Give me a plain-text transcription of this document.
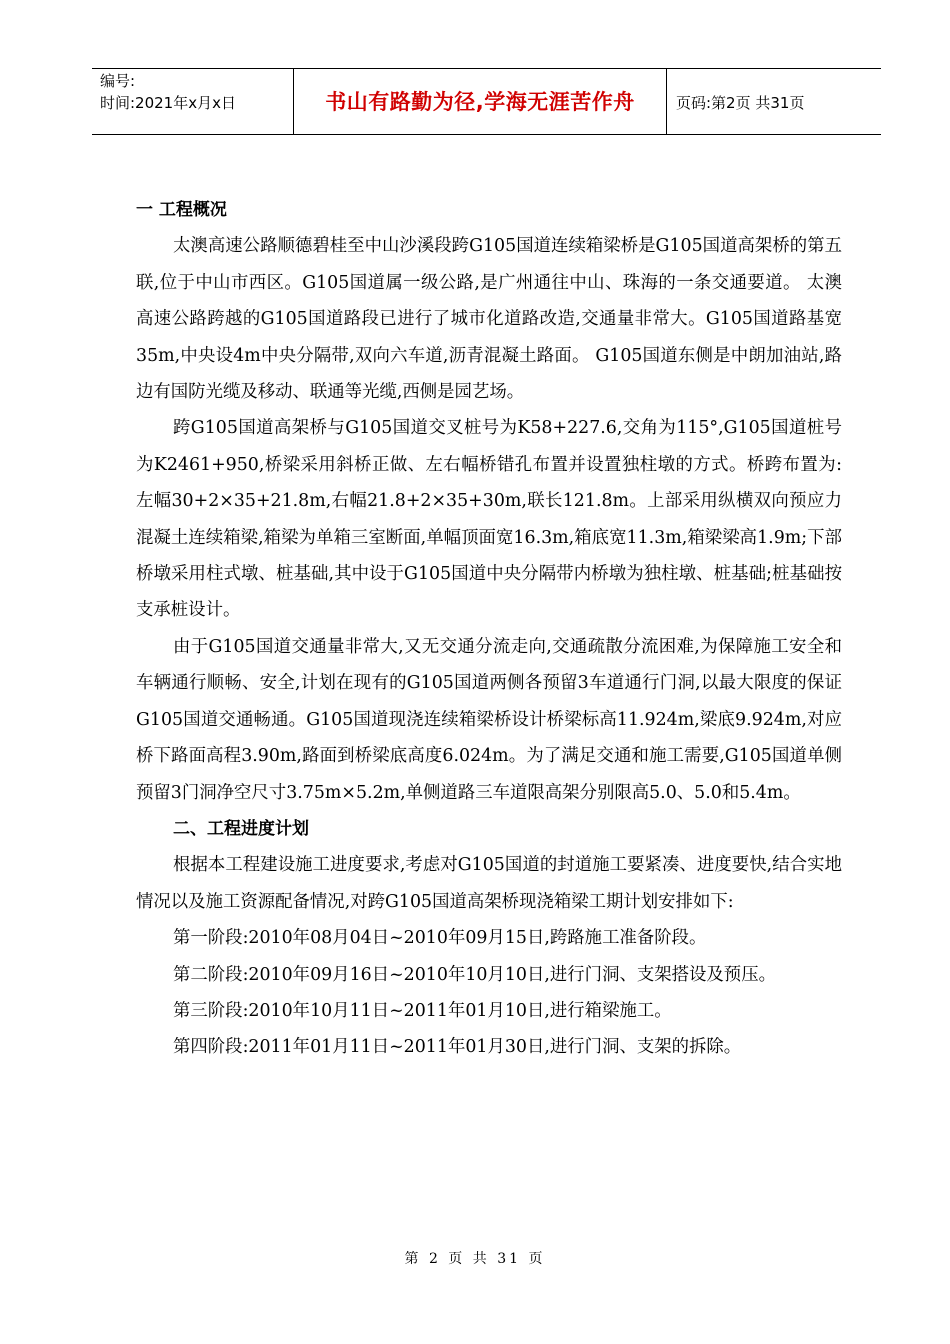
编号:
时间:2021年x月x日	书山有路勤为径,学海无涯苦作舟	页码:第2页 共31页

一 工程概况

太澳高速公路顺德碧桂至中山沙溪段跨G105国道连续箱梁桥是G105国道高架桥的第五联,位于中山市西区。G105国道属一级公路,是广州通往中山、珠海的一条交通要道。 太澳高速公路跨越的G105国道路段已进行了城市化道路改造,交通量非常大。G105国道路基宽35m,中央设4m中央分隔带,双向六车道,沥青混凝土路面。 G105国道东侧是中朗加油站,路边有国防光缆及移动、联通等光缆,西侧是园艺场。

跨G105国道高架桥与G105国道交叉桩号为K58+227.6,交角为115°,G105国道桩号为K2461+950,桥梁采用斜桥正做、左右幅桥错孔布置并设置独柱墩的方式。桥跨布置为:左幅30+2×35+21.8m,右幅21.8+2×35+30m,联长121.8m。上部采用纵横双向预应力混凝土连续箱梁,箱梁为单箱三室断面,单幅顶面宽16.3m,箱底宽11.3m,箱梁梁高1.9m;下部桥墩采用柱式墩、桩基础,其中设于G105国道中央分隔带内桥墩为独柱墩、桩基础;桩基础按支承桩设计。

由于G105国道交通量非常大,又无交通分流走向,交通疏散分流困难,为保障施工安全和车辆通行顺畅、安全,计划在现有的G105国道两侧各预留3车道通行门洞,以最大限度的保证G105国道交通畅通。G105国道现浇连续箱梁桥设计桥梁标高11.924m,梁底9.924m,对应桥下路面高程3.90m,路面到桥梁底高度6.024m。为了满足交通和施工需要,G105国道单侧预留3门洞净空尺寸3.75m×5.2m,单侧道路三车道限高架分别限高5.0、5.0和5.4m。

二、工程进度计划

根据本工程建设施工进度要求,考虑对G105国道的封道施工要紧凑、进度要快,结合实地情况以及施工资源配备情况,对跨G105国道高架桥现浇箱梁工期计划安排如下:

第一阶段:2010年08月04日~2010年09月15日,跨路施工准备阶段。

第二阶段:2010年09月16日~2010年10月10日,进行门洞、支架搭设及预压。

第三阶段:2010年10月11日~2011年01月10日,进行箱梁施工。

第四阶段:2011年01月11日~2011年01月30日,进行门洞、支架的拆除。

第 2 页 共 31 页
